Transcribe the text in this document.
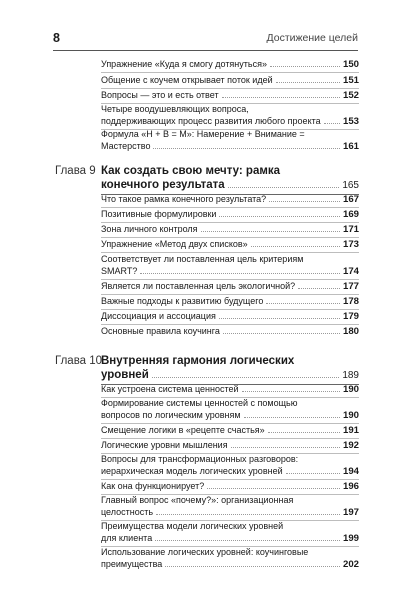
8	Достижение целей
Упражнение «Куда я смогу дотянуться»	150
Общение с коучем открывает поток идей	151
Вопросы — это и есть ответ	152
Четыре воодушевляющих вопроса,
поддерживающих процесс развития любого проекта 153
Формула «Н + В = М»: Намерение + Внимание =
Мастерство	161
Глава 9 Как создать свою мечту: рамка
конечного результата	165
Что такое рамка конечного результата?	167
Позитивные формулировки	169
Зона личного контроля	171
Упражнение «Метод двух списков»	173
Соответствует ли поставленная цель критериям
SMART?	174
Является ли поставленная цель экологичной?	177
Важные подходы к развитию будущего	178
Диссоциация и ассоциация	179
Основные правила коучинга	180
Глава 10
Внутренняя гармония логических
уровней	189
Как устроена система ценностей	190
Формирование системы ценностей с помощью
вопросов по логическим уровням	190
Смещение логики в «рецепте счастья»	191
Логические уровни мышления	192
Вопросы для трансформационных разговоров:
иерархическая модель логических уровней	194
Как она функционирует?	196
Главный вопрос «почему?»: организационная
целостность	197
Преимущества модели логических уровней
для клиента	199
Использование логических уровней: коучинговые
преимущества	202
